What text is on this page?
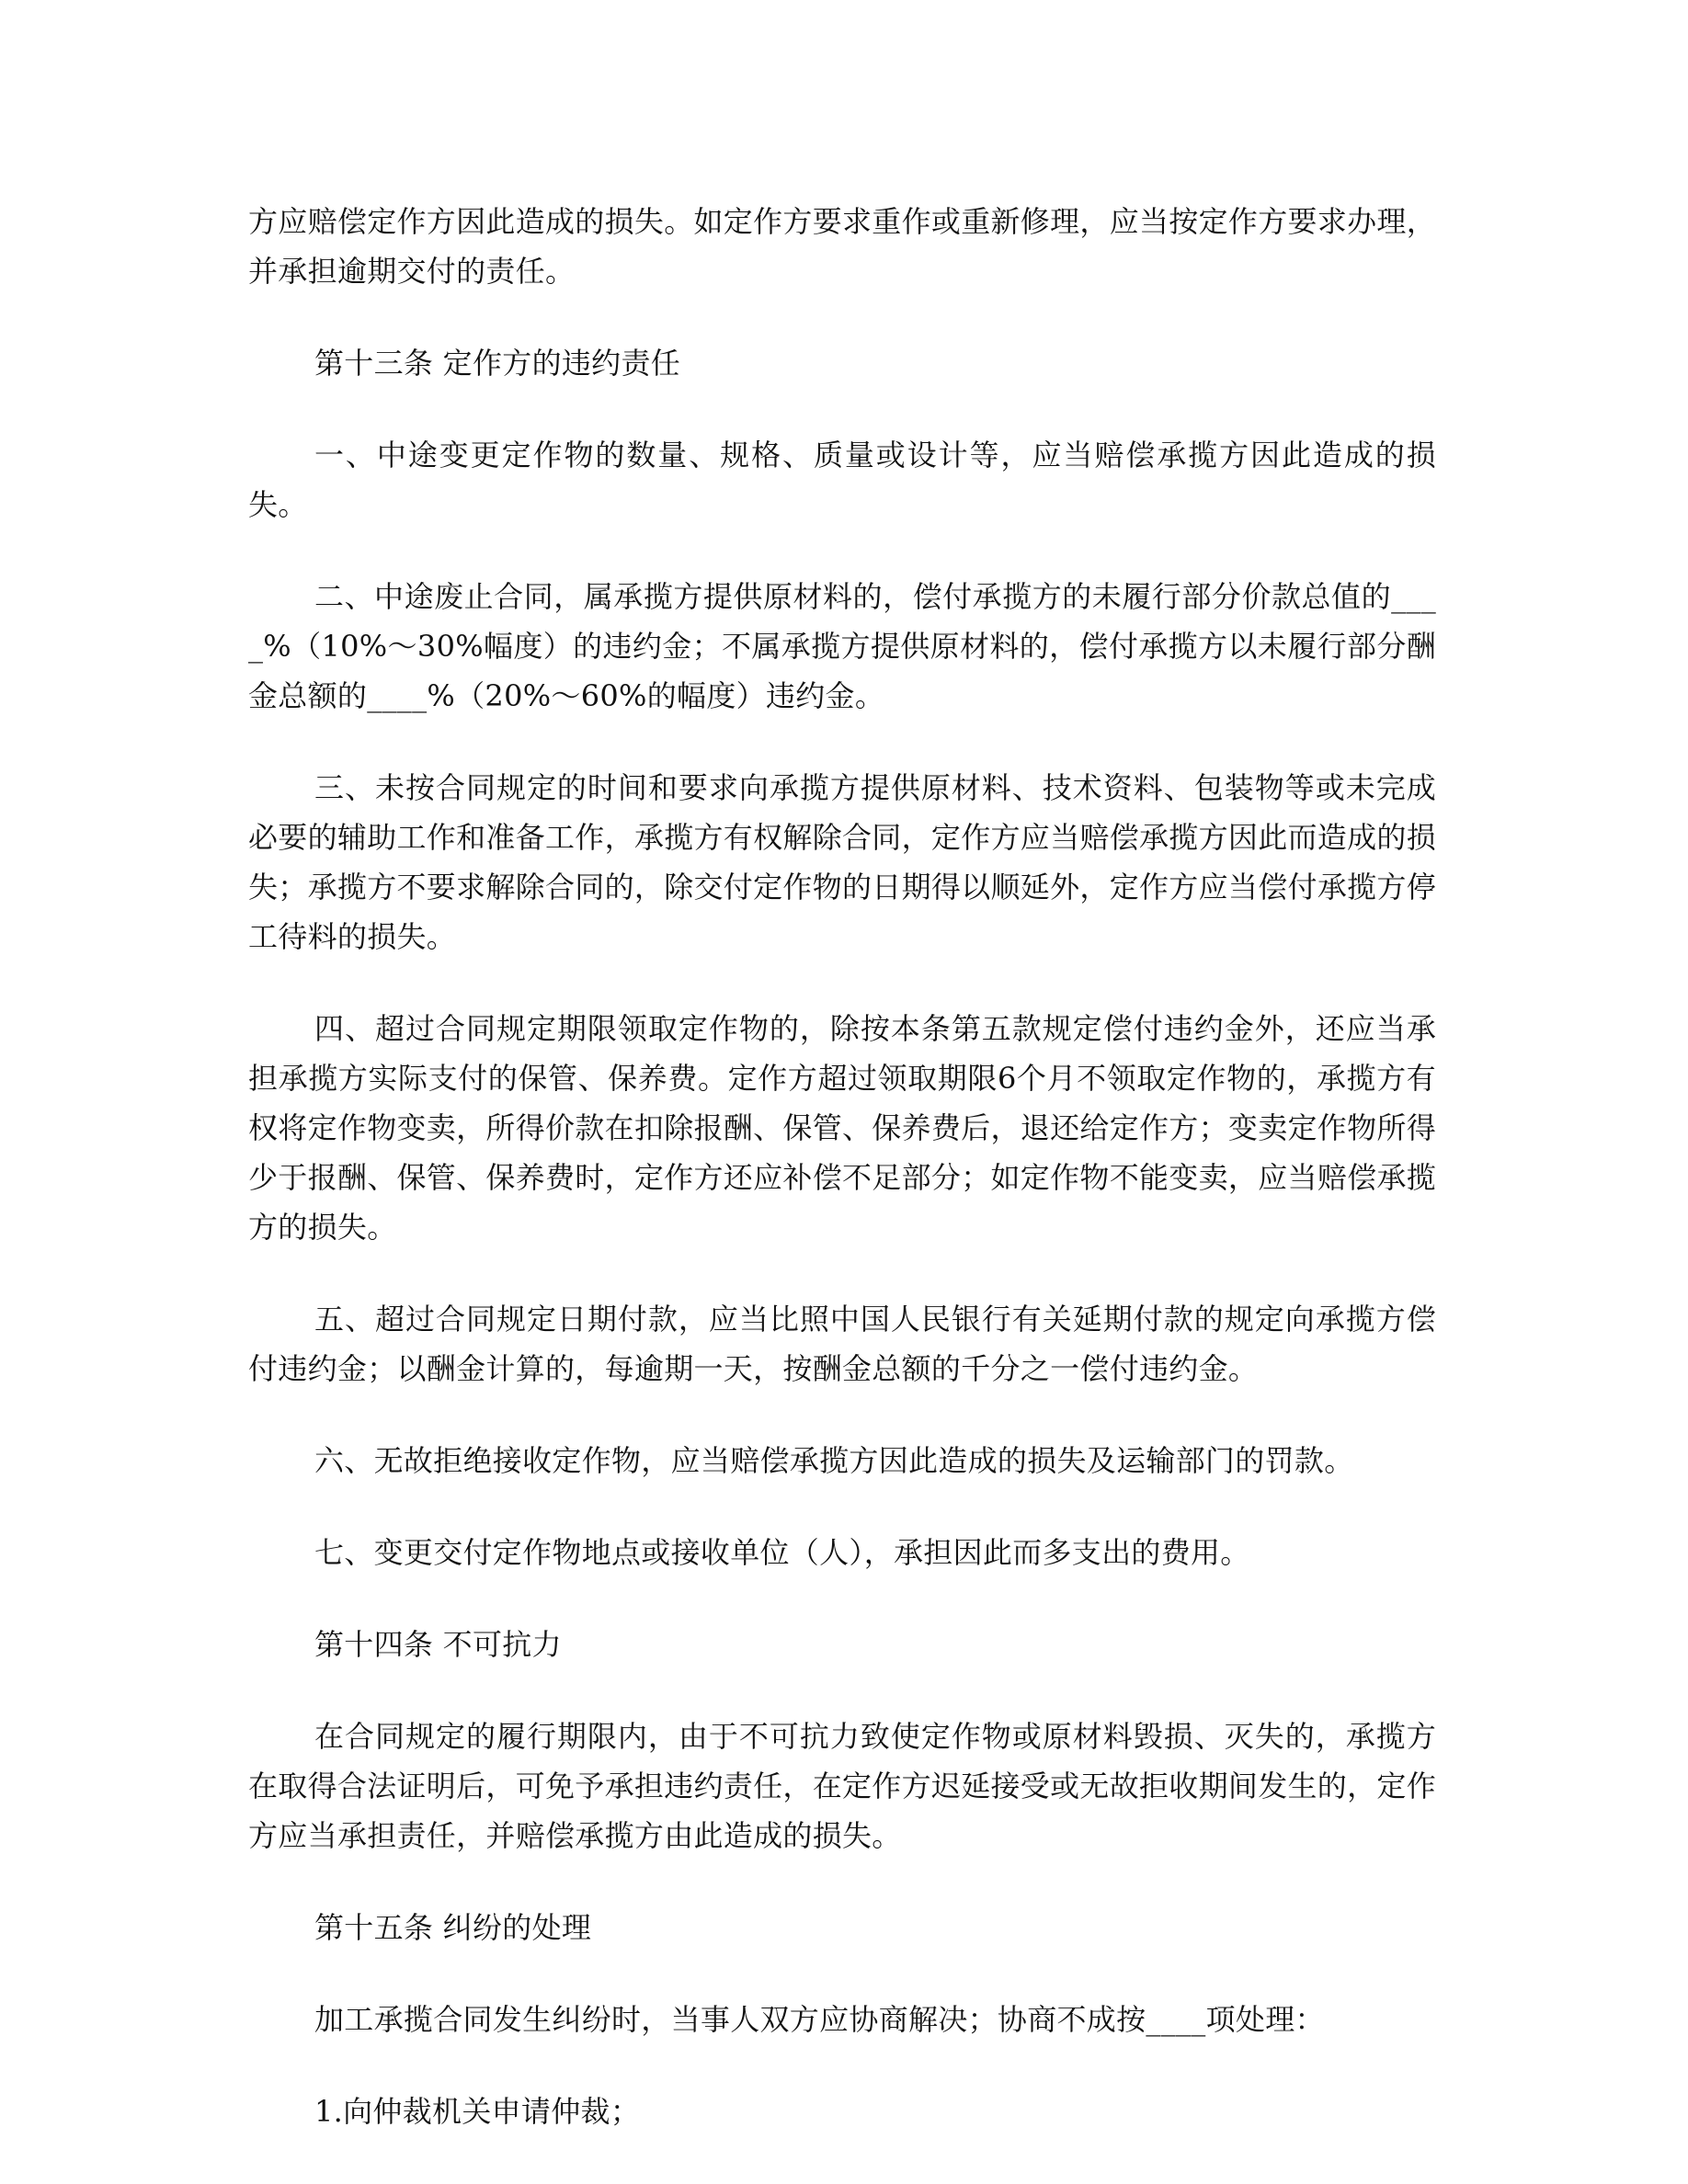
方应赔偿定作方因此造成的损失。如定作方要求重作或重新修理，应当按定作方要求办理，并承担逾期交付的责任。

第十三条 定作方的违约责任

一、中途变更定作物的数量、规格、质量或设计等，应当赔偿承揽方因此造成的损失。

二、中途废止合同，属承揽方提供原材料的，偿付承揽方的未履行部分价款总值的____%（10%～30%幅度）的违约金；不属承揽方提供原材料的，偿付承揽方以未履行部分酬金总额的____%（20%～60%的幅度）违约金。

三、未按合同规定的时间和要求向承揽方提供原材料、技术资料、包装物等或未完成必要的辅助工作和准备工作，承揽方有权解除合同，定作方应当赔偿承揽方因此而造成的损失；承揽方不要求解除合同的，除交付定作物的日期得以顺延外，定作方应当偿付承揽方停工待料的损失。

四、超过合同规定期限领取定作物的，除按本条第五款规定偿付违约金外，还应当承担承揽方实际支付的保管、保养费。定作方超过领取期限6个月不领取定作物的，承揽方有权将定作物变卖，所得价款在扣除报酬、保管、保养费后，退还给定作方；变卖定作物所得少于报酬、保管、保养费时，定作方还应补偿不足部分；如定作物不能变卖，应当赔偿承揽方的损失。

五、超过合同规定日期付款，应当比照中国人民银行有关延期付款的规定向承揽方偿付违约金；以酬金计算的，每逾期一天，按酬金总额的千分之一偿付违约金。

六、无故拒绝接收定作物，应当赔偿承揽方因此造成的损失及运输部门的罚款。

七、变更交付定作物地点或接收单位（人），承担因此而多支出的费用。

第十四条 不可抗力

在合同规定的履行期限内，由于不可抗力致使定作物或原材料毁损、灭失的，承揽方在取得合法证明后，可免予承担违约责任，在定作方迟延接受或无故拒收期间发生的，定作方应当承担责任，并赔偿承揽方由此造成的损失。

第十五条 纠纷的处理

加工承揽合同发生纠纷时，当事人双方应协商解决；协商不成按____项处理：

1.向仲裁机关申请仲裁；
